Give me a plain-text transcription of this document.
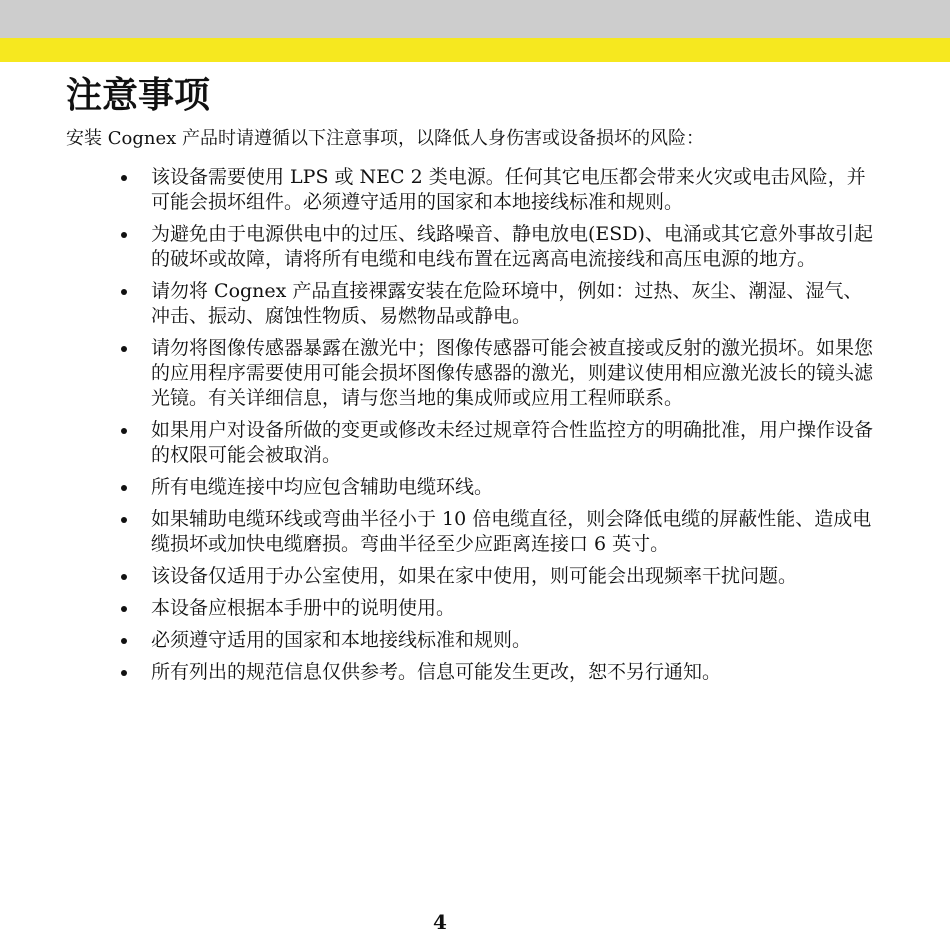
注意事项

安装 Cognex 产品时请遵循以下注意事项，以降低人身伤害或设备损坏的风险：

该设备需要使用 LPS 或 NEC 2 类电源。任何其它电压都会带来火灾或电击风险，并可能会损坏组件。必须遵守适用的国家和本地接线标准和规则。
为避免由于电源供电中的过压、线路噪音、静电放电(ESD)、电涌或其它意外事故引起的破坏或故障，请将所有电缆和电线布置在远离高电流接线和高压电源的地方。
请勿将 Cognex 产品直接裸露安装在危险环境中，例如：过热、灰尘、潮湿、湿气、冲击、振动、腐蚀性物质、易燃物品或静电。
请勿将图像传感器暴露在激光中；图像传感器可能会被直接或反射的激光损坏。如果您的应用程序需要使用可能会损坏图像传感器的激光，则建议使用相应激光波长的镜头滤光镜。有关详细信息，请与您当地的集成师或应用工程师联系。
如果用户对设备所做的变更或修改未经过规章符合性监控方的明确批准，用户操作设备的权限可能会被取消。
所有电缆连接中均应包含辅助电缆环线。
如果辅助电缆环线或弯曲半径小于 10 倍电缆直径，则会降低电缆的屏蔽性能、造成电缆损坏或加快电缆磨损。弯曲半径至少应距离连接口 6 英寸。
该设备仅适用于办公室使用，如果在家中使用，则可能会出现频率干扰问题。
本设备应根据本手册中的说明使用。
必须遵守适用的国家和本地接线标准和规则。
所有列出的规范信息仅供参考。信息可能发生更改，恕不另行通知。
4
